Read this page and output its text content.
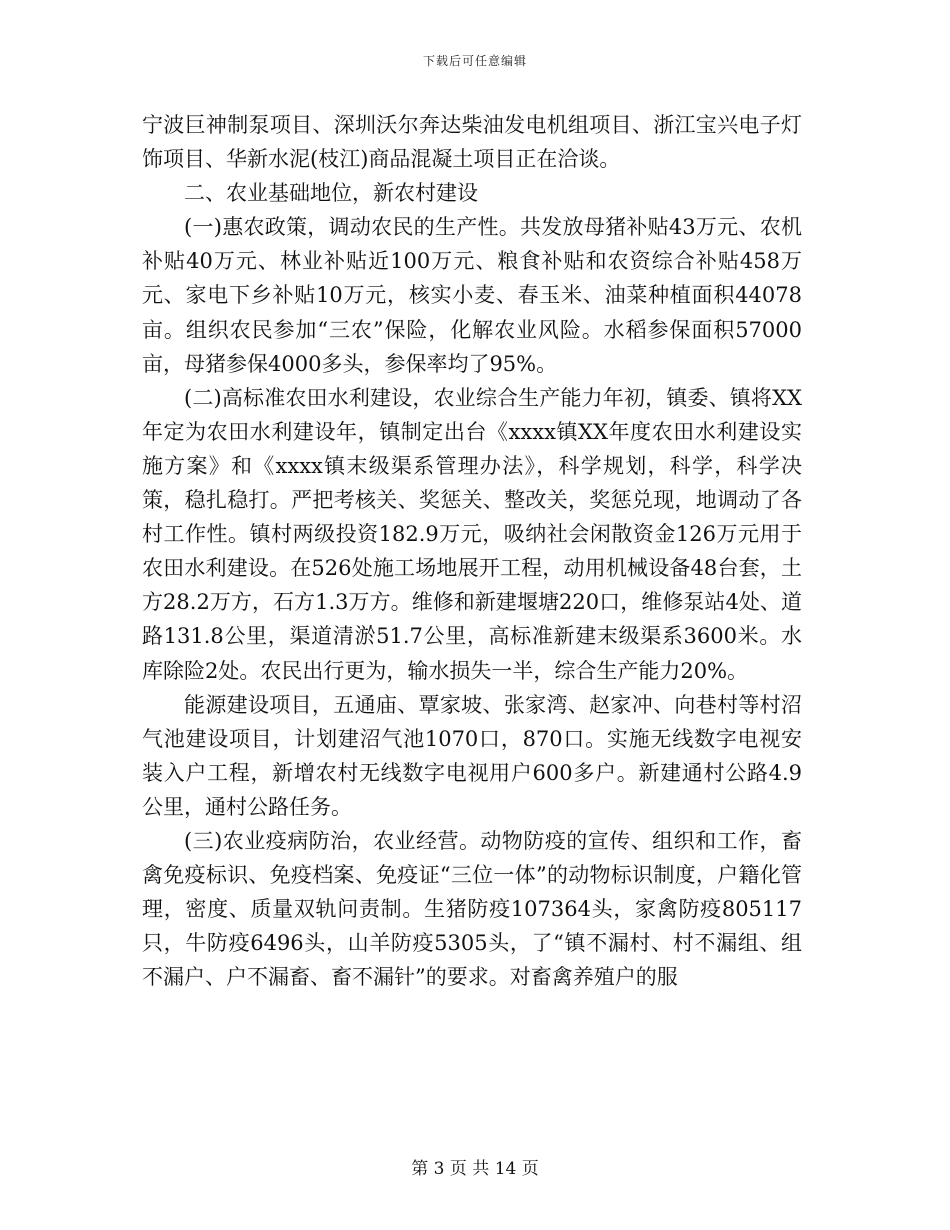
下载后可任意编辑

宁波巨神制泵项目、深圳沃尔奔达柴油发电机组项目、浙江宝兴电子灯饰项目、华新水泥(枝江)商品混凝土项目正在洽谈。

二、农业基础地位，新农村建设

(一)惠农政策，调动农民的生产性。共发放母猪补贴43万元、农机补贴40万元、林业补贴近100万元、粮食补贴和农资综合补贴458万元、家电下乡补贴10万元，核实小麦、春玉米、油菜种植面积44078亩。组织农民参加“三农”保险，化解农业风险。水稻参保面积57000亩，母猪参保4000多头，参保率均了95%。

(二)高标准农田水利建设，农业综合生产能力年初，镇委、镇将XX年定为农田水利建设年，镇制定出台《xxxx镇XX年度农田水利建设实施方案》和《xxxx镇末级渠系管理办法》，科学规划，科学，科学决策，稳扎稳打。严把考核关、奖惩关、整改关，奖惩兑现，地调动了各村工作性。镇村两级投资182.9万元，吸纳社会闲散资金126万元用于农田水利建设。在526处施工场地展开工程，动用机械设备48台套，土方28.2万方，石方1.3万方。维修和新建堰塘220口，维修泵站4处、道路131.8公里，渠道清淤51.7公里，高标准新建末级渠系3600米。水库除险2处。农民出行更为，输水损失一半，综合生产能力20%。

能源建设项目，五通庙、覃家坡、张家湾、赵家冲、向巷村等村沼气池建设项目，计划建沼气池1070口，870口。实施无线数字电视安装入户工程，新增农村无线数字电视用户600多户。新建通村公路4.9公里，通村公路任务。

(三)农业疫病防治，农业经营。动物防疫的宣传、组织和工作，畜禽免疫标识、免疫档案、免疫证“三位一体”的动物标识制度，户籍化管理，密度、质量双轨问责制。生猪防疫107364头，家禽防疫805117只，牛防疫6496头，山羊防疫5305头，了“镇不漏村、村不漏组、组不漏户、户不漏畜、畜不漏针”的要求。对畜禽养殖户的服

第 3 页 共 14 页
